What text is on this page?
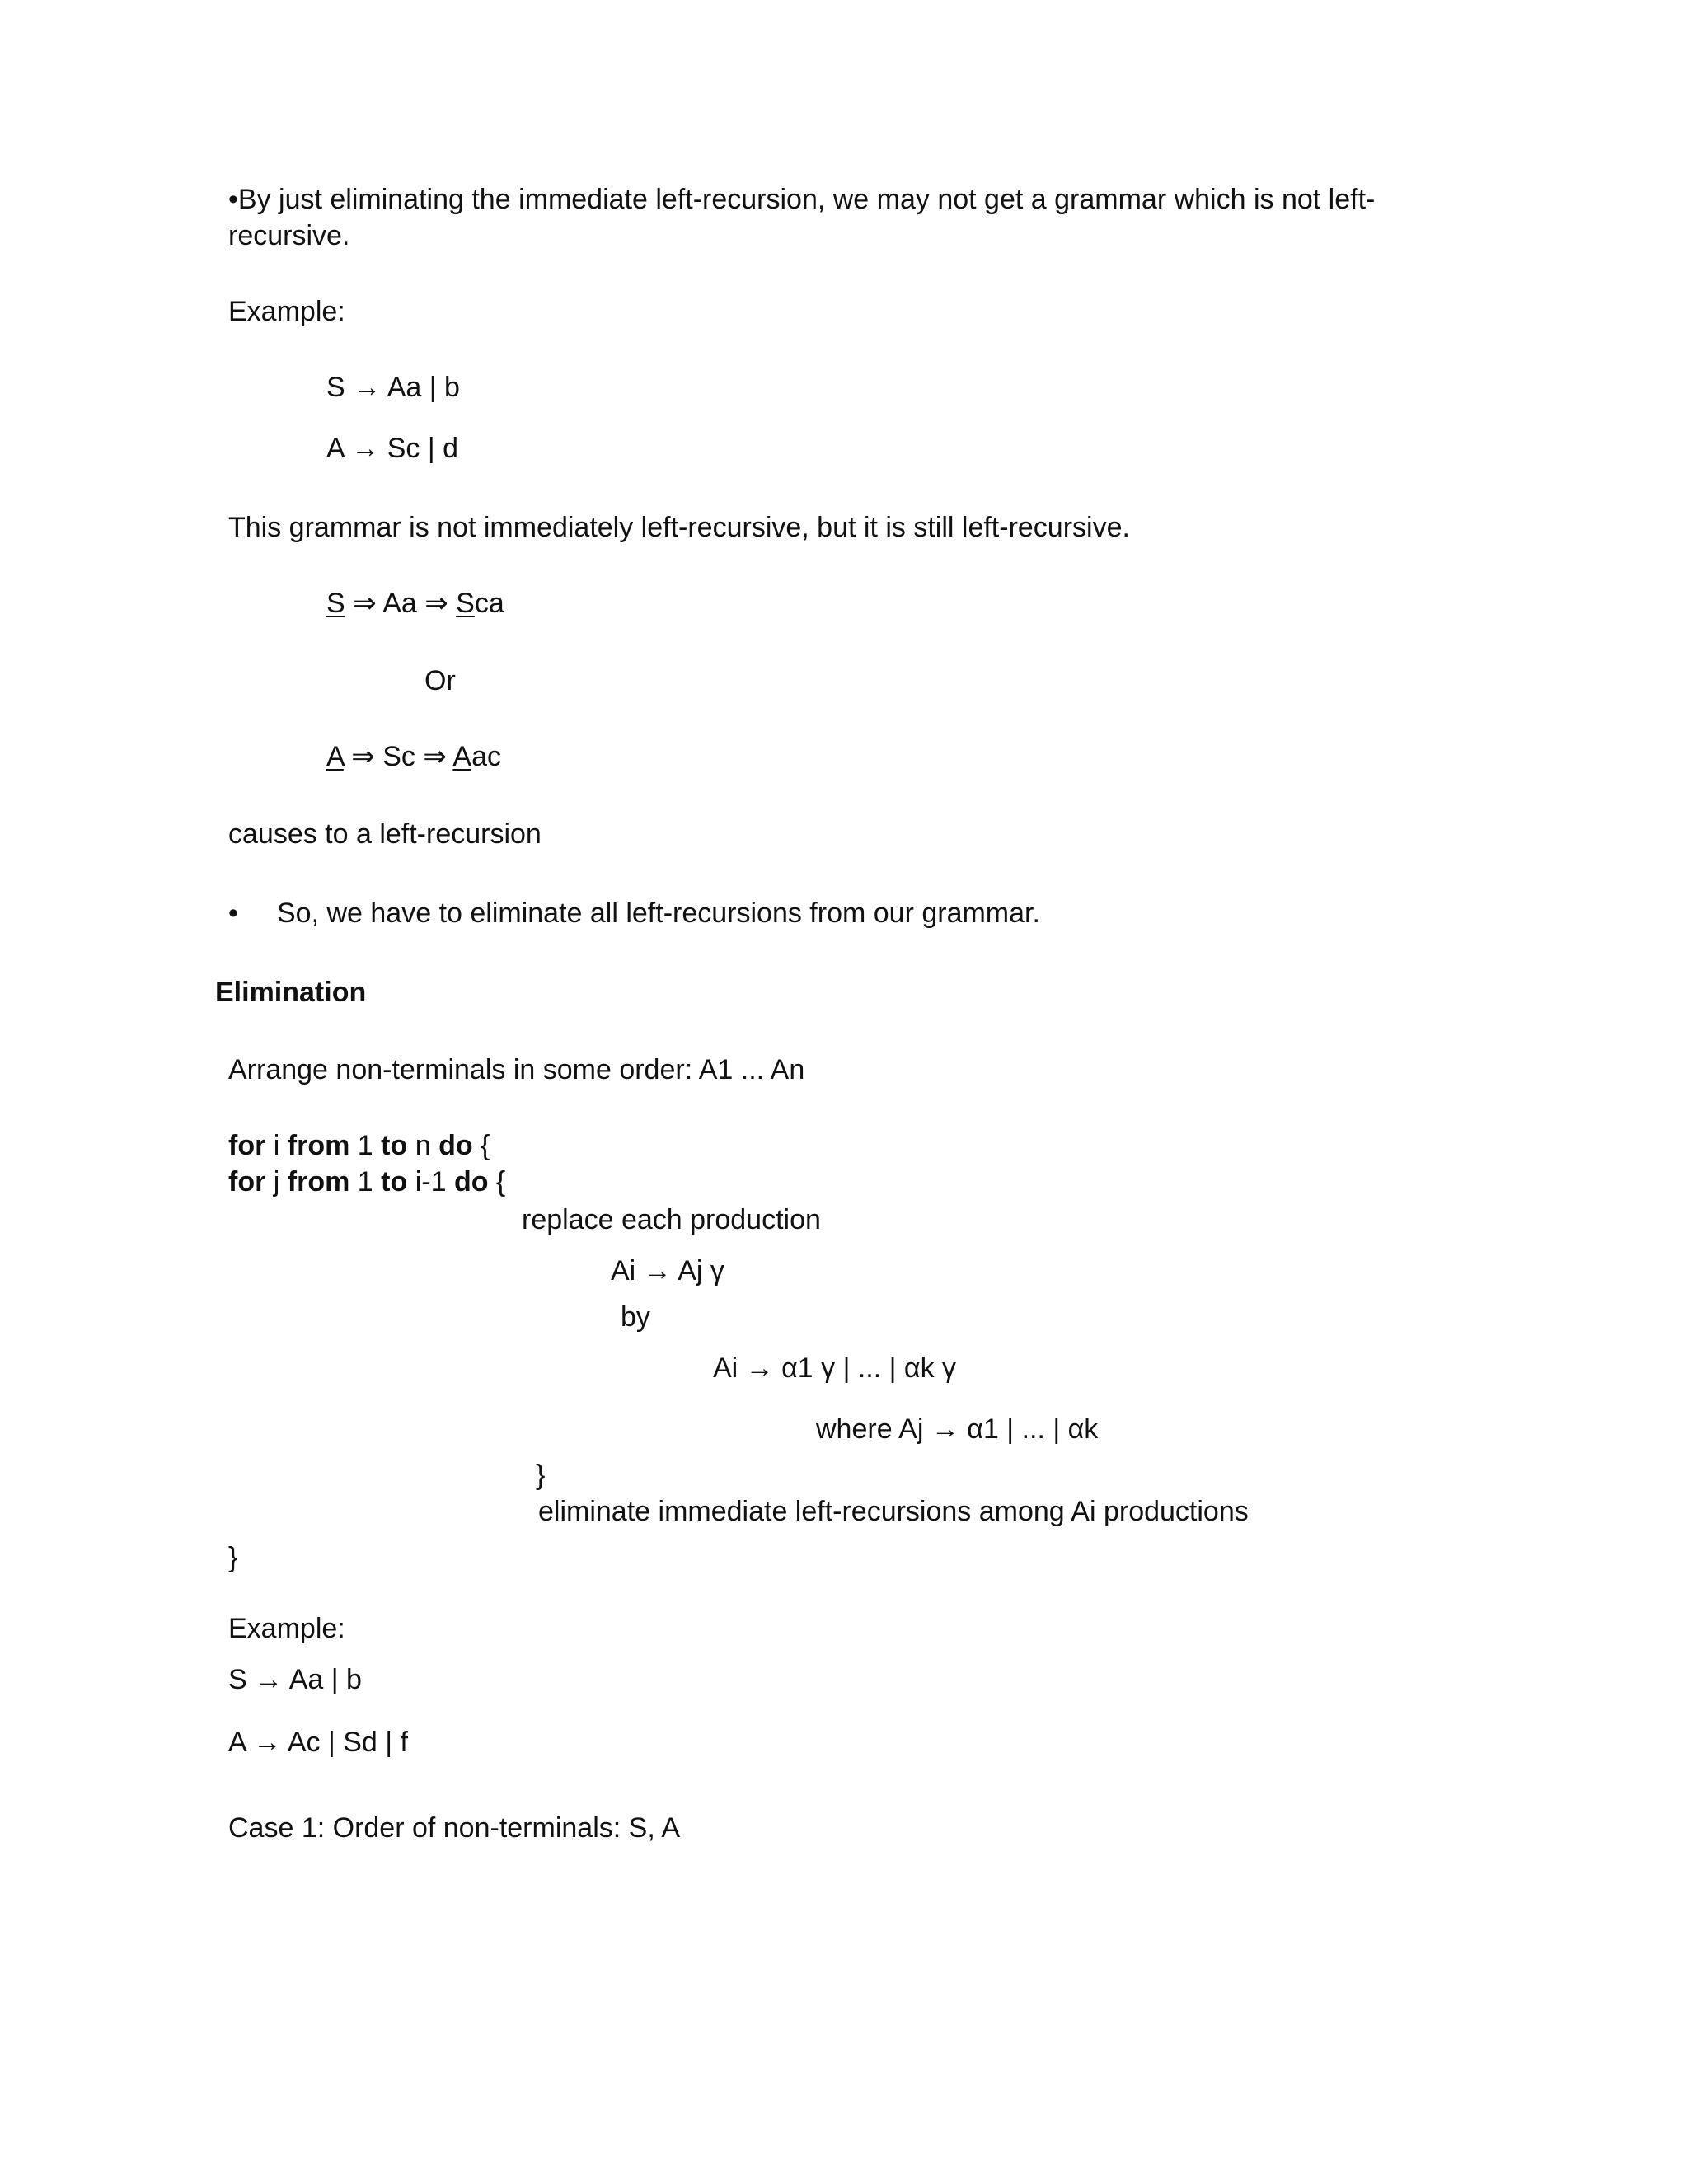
•By just eliminating the immediate left-recursion, we may not get a grammar which is not left-
recursive.
Example:
S → Aa | b
A → Sc | d
This grammar is not immediately left-recursive, but it is still left-recursive.
S ⇒ Aa ⇒ Sca
Or
A ⇒ Sc ⇒ Aac
causes to a left-recursion
• So, we have to eliminate all left-recursions from our grammar.
Elimination
Arrange non-terminals in some order: A1 ... An
for i from 1 to n do {
for j from 1 to i-1 do {
replace each production
Ai → Aj γ
by
Ai → α1 γ | ... | αk γ
where Aj → α1 | ... | αk
}
eliminate immediate left-recursions among Ai productions
}
Example:
S → Aa | b
A → Ac | Sd | f
Case 1: Order of non-terminals: S, A
